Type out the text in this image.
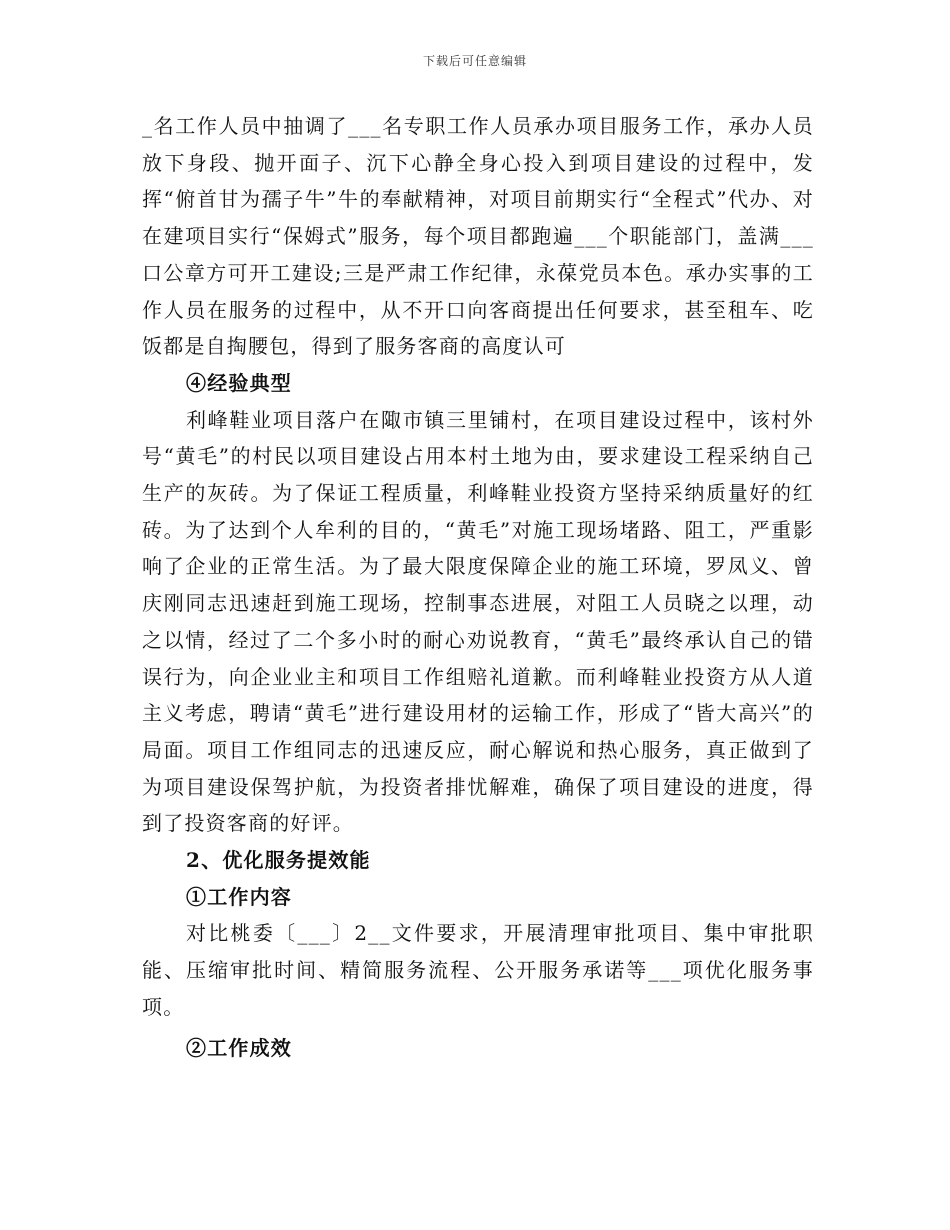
下载后可任意编辑

_名工作人员中抽调了___名专职工作人员承办项目服务工作，承办人员放下身段、抛开面子、沉下心静全身心投入到项目建设的过程中，发挥“俯首甘为孺子牛”牛的奉献精神，对项目前期实行“全程式”代办、对在建项目实行“保姆式”服务，每个项目都跑遍___个职能部门，盖满___口公章方可开工建设;三是严肃工作纪律，永葆党员本色。承办实事的工作人员在服务的过程中，从不开口向客商提出任何要求，甚至租车、吃饭都是自掏腰包，得到了服务客商的高度认可

④经验典型

利峰鞋业项目落户在陬市镇三里铺村，在项目建设过程中，该村外号“黄毛”的村民以项目建设占用本村土地为由，要求建设工程采纳自己生产的灰砖。为了保证工程质量，利峰鞋业投资方坚持采纳质量好的红砖。为了达到个人牟利的目的，“黄毛”对施工现场堵路、阻工，严重影响了企业的正常生活。为了最大限度保障企业的施工环境，罗凤义、曾庆刚同志迅速赶到施工现场，控制事态进展，对阻工人员晓之以理，动之以情，经过了二个多小时的耐心劝说教育，“黄毛”最终承认自己的错误行为，向企业业主和项目工作组赔礼道歉。而利峰鞋业投资方从人道主义考虑，聘请“黄毛”进行建设用材的运输工作，形成了“皆大高兴”的局面。项目工作组同志的迅速反应，耐心解说和热心服务，真正做到了为项目建设保驾护航，为投资者排忧解难，确保了项目建设的进度，得到了投资客商的好评。

2、优化服务提效能

①工作内容

对比桃委〔___〕2__文件要求，开展清理审批项目、集中审批职能、压缩审批时间、精简服务流程、公开服务承诺等___项优化服务事项。

②工作成效
